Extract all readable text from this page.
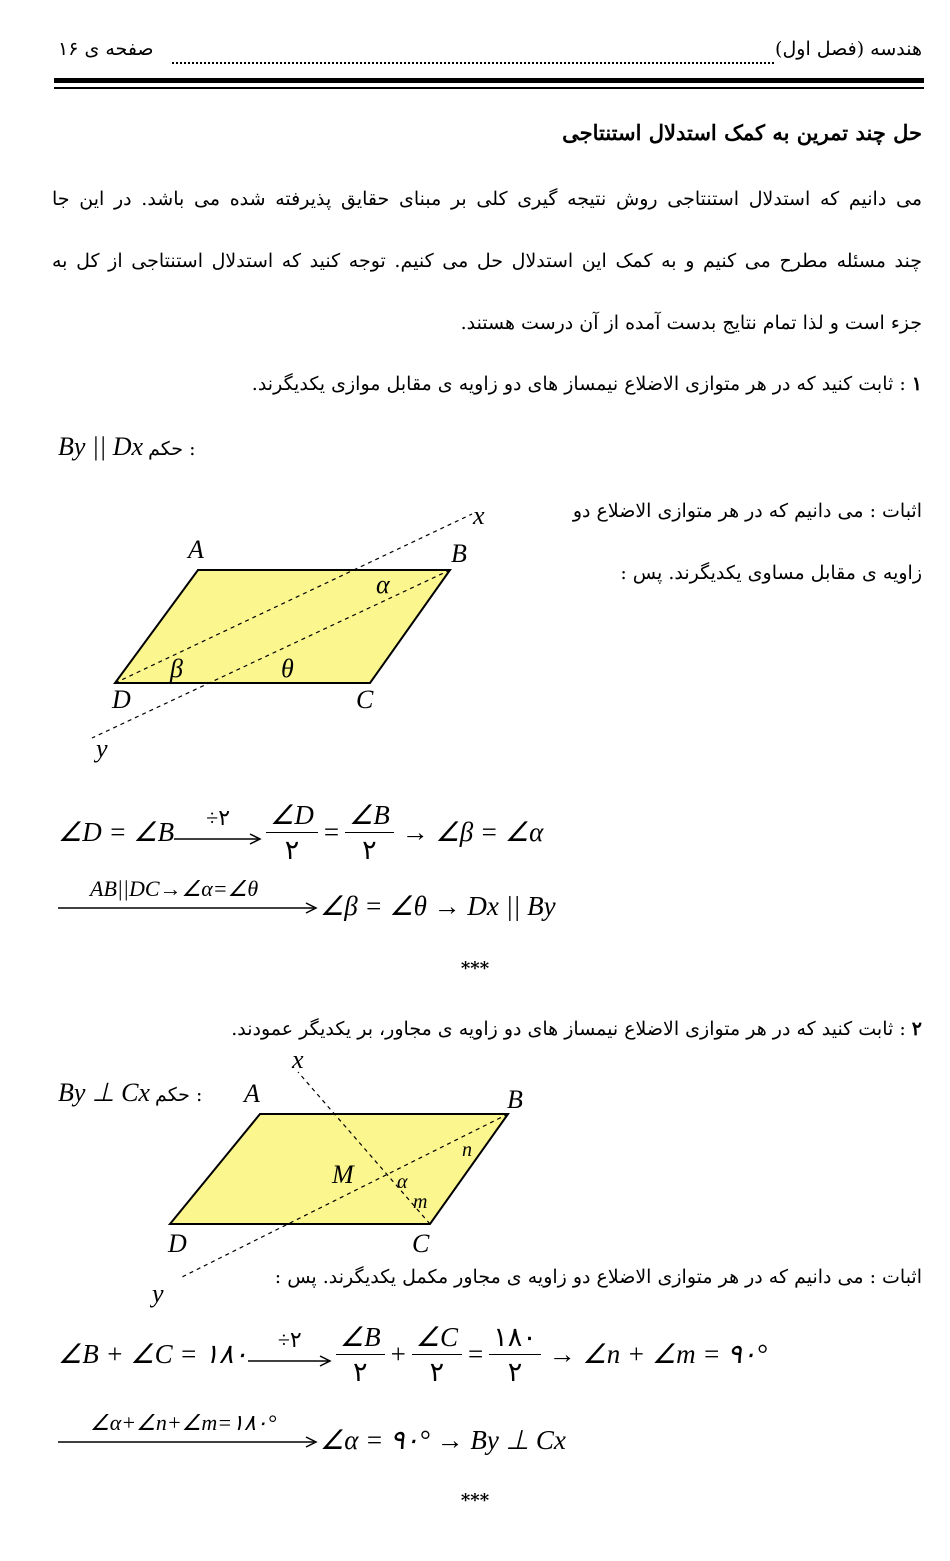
هندسه (فصل اول)
صفحه ی ۱۶
حل چند تمرین به کمک استدلال استنتاجی
می دانیم که استدلال استنتاجی روش نتیجه گیری کلی بر مبنای حقایق پذیرفته شده می باشد. در این جا
چند مسئله مطرح می کنیم و به کمک این استدلال حل می کنیم. توجه کنید که استدلال استنتاجی از کل به
جزء است و لذا تمام نتایج بدست آمده از آن درست هستند.
۱ : ثابت کنید که در هر متوازی الاضلاع نیمساز های دو زاویه ی مقابل موازی یکدیگرند.
By || Dx : حکم
اثبات : می دانیم که در هر متوازی الاضلاع دو
زاویه ی مقابل مساوی یکدیگرند. پس :
A	B
C
D
x
y
α
β	θ
∠D = ∠B ÷۲ $\frac{\angle D}{۲} = \frac{\angle B}{۲}$ → ∠β = ∠α
AB||DC→∠α=∠θ
∠β = ∠θ → Dx || By
***
۲ : ثابت کنید که در هر متوازی الاضلاع نیمساز های دو زاویه ی مجاور، بر یکدیگر عمودند.
By ⊥ Cx : حکم
x
A	B
n
M α
m
D	C
y
اثبات : می دانیم که در هر متوازی الاضلاع دو زاویه ی مجاور مکمل یکدیگرند. پس :
∠B + ∠C = ۱۸۰ ÷۲ $\frac{\angle B}{۲} + \frac{\angle C}{۲} = \frac{۱۸۰}{۲}$ → ∠n + ∠m = ۹۰°
∠α+∠n+∠m=۱۸۰°
∠α = ۹۰° → By ⊥ Cx
***
